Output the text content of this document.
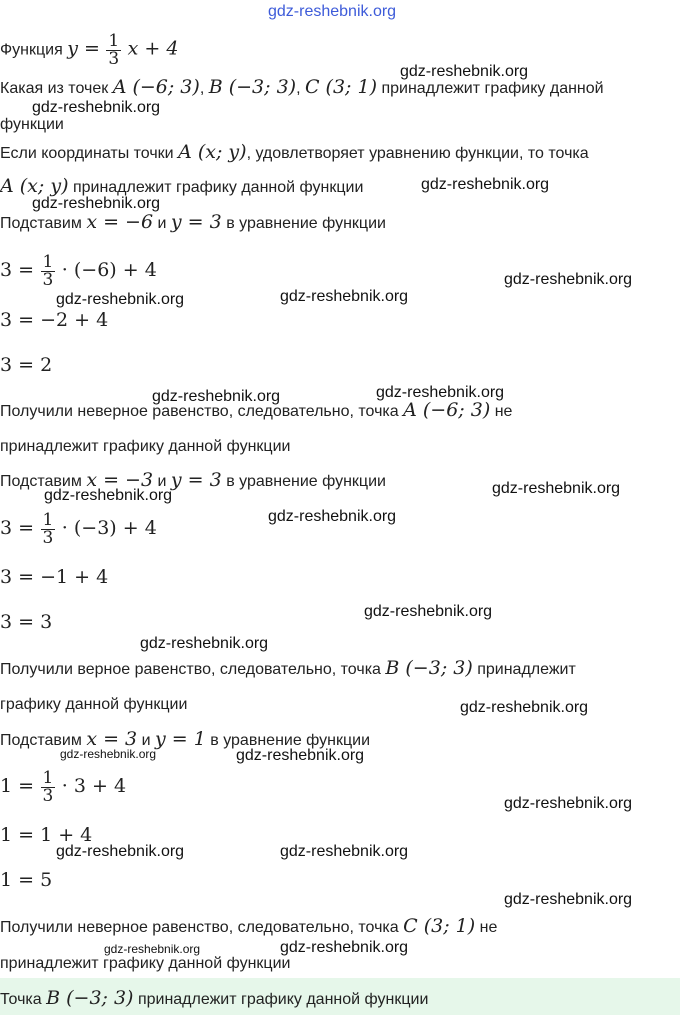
gdz-reshebnik.org
Функция $y = \frac{1}{3}$ x + 4
Какая из точек A (−6; 3), B (−3; 3), C (3; 1) принадлежит графику данной
функции
Если координаты точки A (x; y), удовлетворяет уравнению функции, то точка
A (x; y) принадлежит графику данной функции
Подставим x = −6 и y = 3 в уравнение функции
$3 = \frac{1}{3} \cdot (-6) + 4$
3 = −2 + 4
3 = 2
Получили неверное равенство, следовательно, точка A (−6; 3) не
принадлежит графику данной функции
Подставим x = −3 и y = 3 в уравнение функции
$3 = \frac{1}{3} \cdot (-3) + 4$
3 = −1 + 4
3 = 3
Получили верное равенство, следовательно, точка B (−3; 3) принадлежит
графику данной функции
Подставим x = 3 и y = 1 в уравнение функции
$1 = \frac{1}{3} \cdot 3 + 4$
1 = 1 + 4
1 = 5
Получили неверное равенство, следовательно, точка C (3; 1) не
принадлежит графику данной функции
Точка B (−3; 3) принадлежит графику данной функции
gdz-reshebnik.org
gdz-reshebnik.org
gdz-reshebnik.org
gdz-reshebnik.org
gdz-reshebnik.org
gdz-reshebnik.org
gdz-reshebnik.org
gdz-reshebnik.org
gdz-reshebnik.org
gdz-reshebnik.org
gdz-reshebnik.org
gdz-reshebnik.org
gdz-reshebnik.org
gdz-reshebnik.org
gdz-reshebnik.org
gdz-reshebnik.org	gdz-reshebnik.org
gdz-reshebnik.org
gdz-reshebnik.org	gdz-reshebnik.org
gdz-reshebnik.org
gdz-reshebnik.org	gdz-reshebnik.org
